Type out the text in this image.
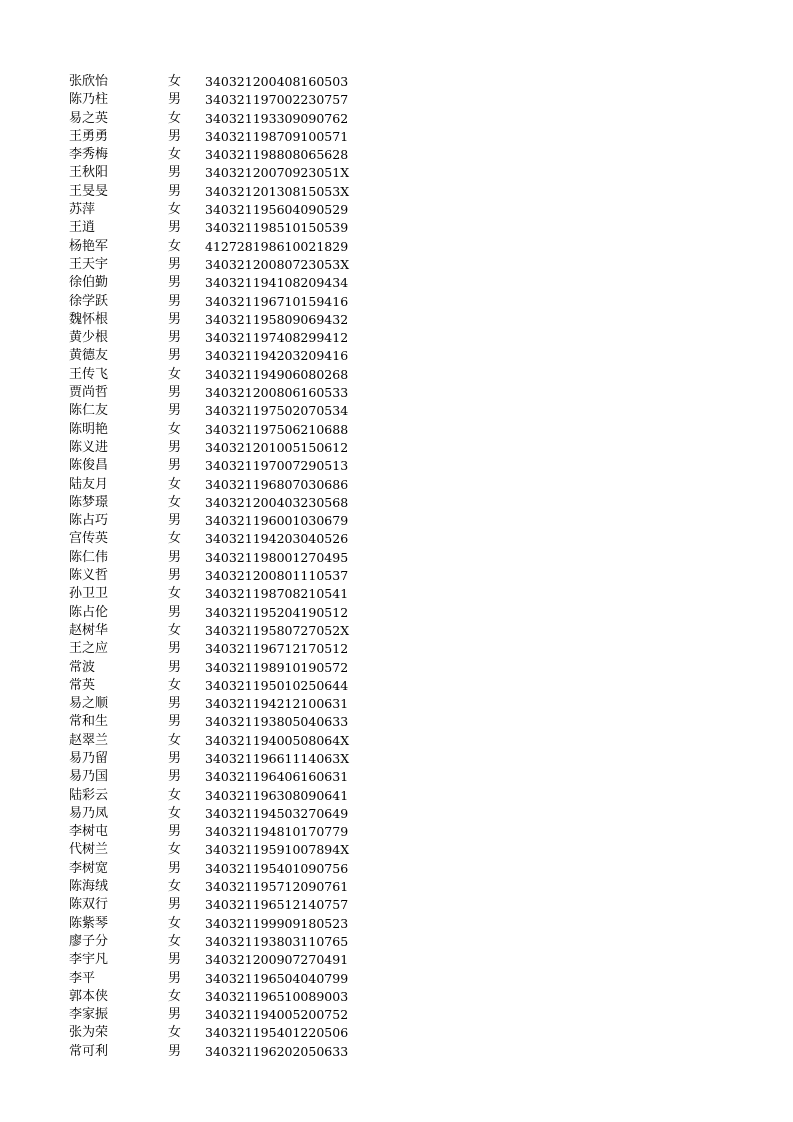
张欣怡	女	340321200408160503
陈乃柱	男	340321197002230757
易之英	女	340321193309090762
王勇勇	男	340321198709100571
李秀梅	女	340321198808065628
王秋阳	男	34032120070923051X
王旻旻	男	34032120130815053X
苏萍	女	340321195604090529
王逍	男	340321198510150539
杨艳军	女	412728198610021829
王天宇	男	34032120080723053X
徐伯勤	男	340321194108209434
徐学跃	男	340321196710159416
魏怀根	男	340321195809069432
黄少根	男	340321197408299412
黄德友	男	340321194203209416
王传飞	女	340321194906080268
贾尚哲	男	340321200806160533
陈仁友	男	340321197502070534
陈明艳	女	340321197506210688
陈义进	男	340321201005150612
陈俊昌	男	340321197007290513
陆友月	女	340321196807030686
陈梦璟	女	340321200403230568
陈占巧	男	340321196001030679
宫传英	女	340321194203040526
陈仁伟	男	340321198001270495
陈义哲	男	340321200801110537
孙卫卫	女	340321198708210541
陈占伦	男	340321195204190512
赵树华	女	34032119580727052X
王之应	男	340321196712170512
常波	男	340321198910190572
常英	女	340321195010250644
易之顺	男	340321194212100631
常和生	男	340321193805040633
赵翠兰	女	34032119400508064X
易乃留	男	34032119661114063X
易乃国	男	340321196406160631
陆彩云	女	340321196308090641
易乃凤	女	340321194503270649
李树屯	男	340321194810170779
代树兰	女	34032119591007894X
李树宽	男	340321195401090756
陈海绒	女	340321195712090761
陈双行	男	340321196512140757
陈紫琴	女	340321199909180523
廖子分	女	340321193803110765
李宇凡	男	340321200907270491
李平	男	340321196504040799
郭本侠	女	340321196510089003
李家振	男	340321194005200752
张为荣	女	340321195401220506
常可利	男	340321196202050633
